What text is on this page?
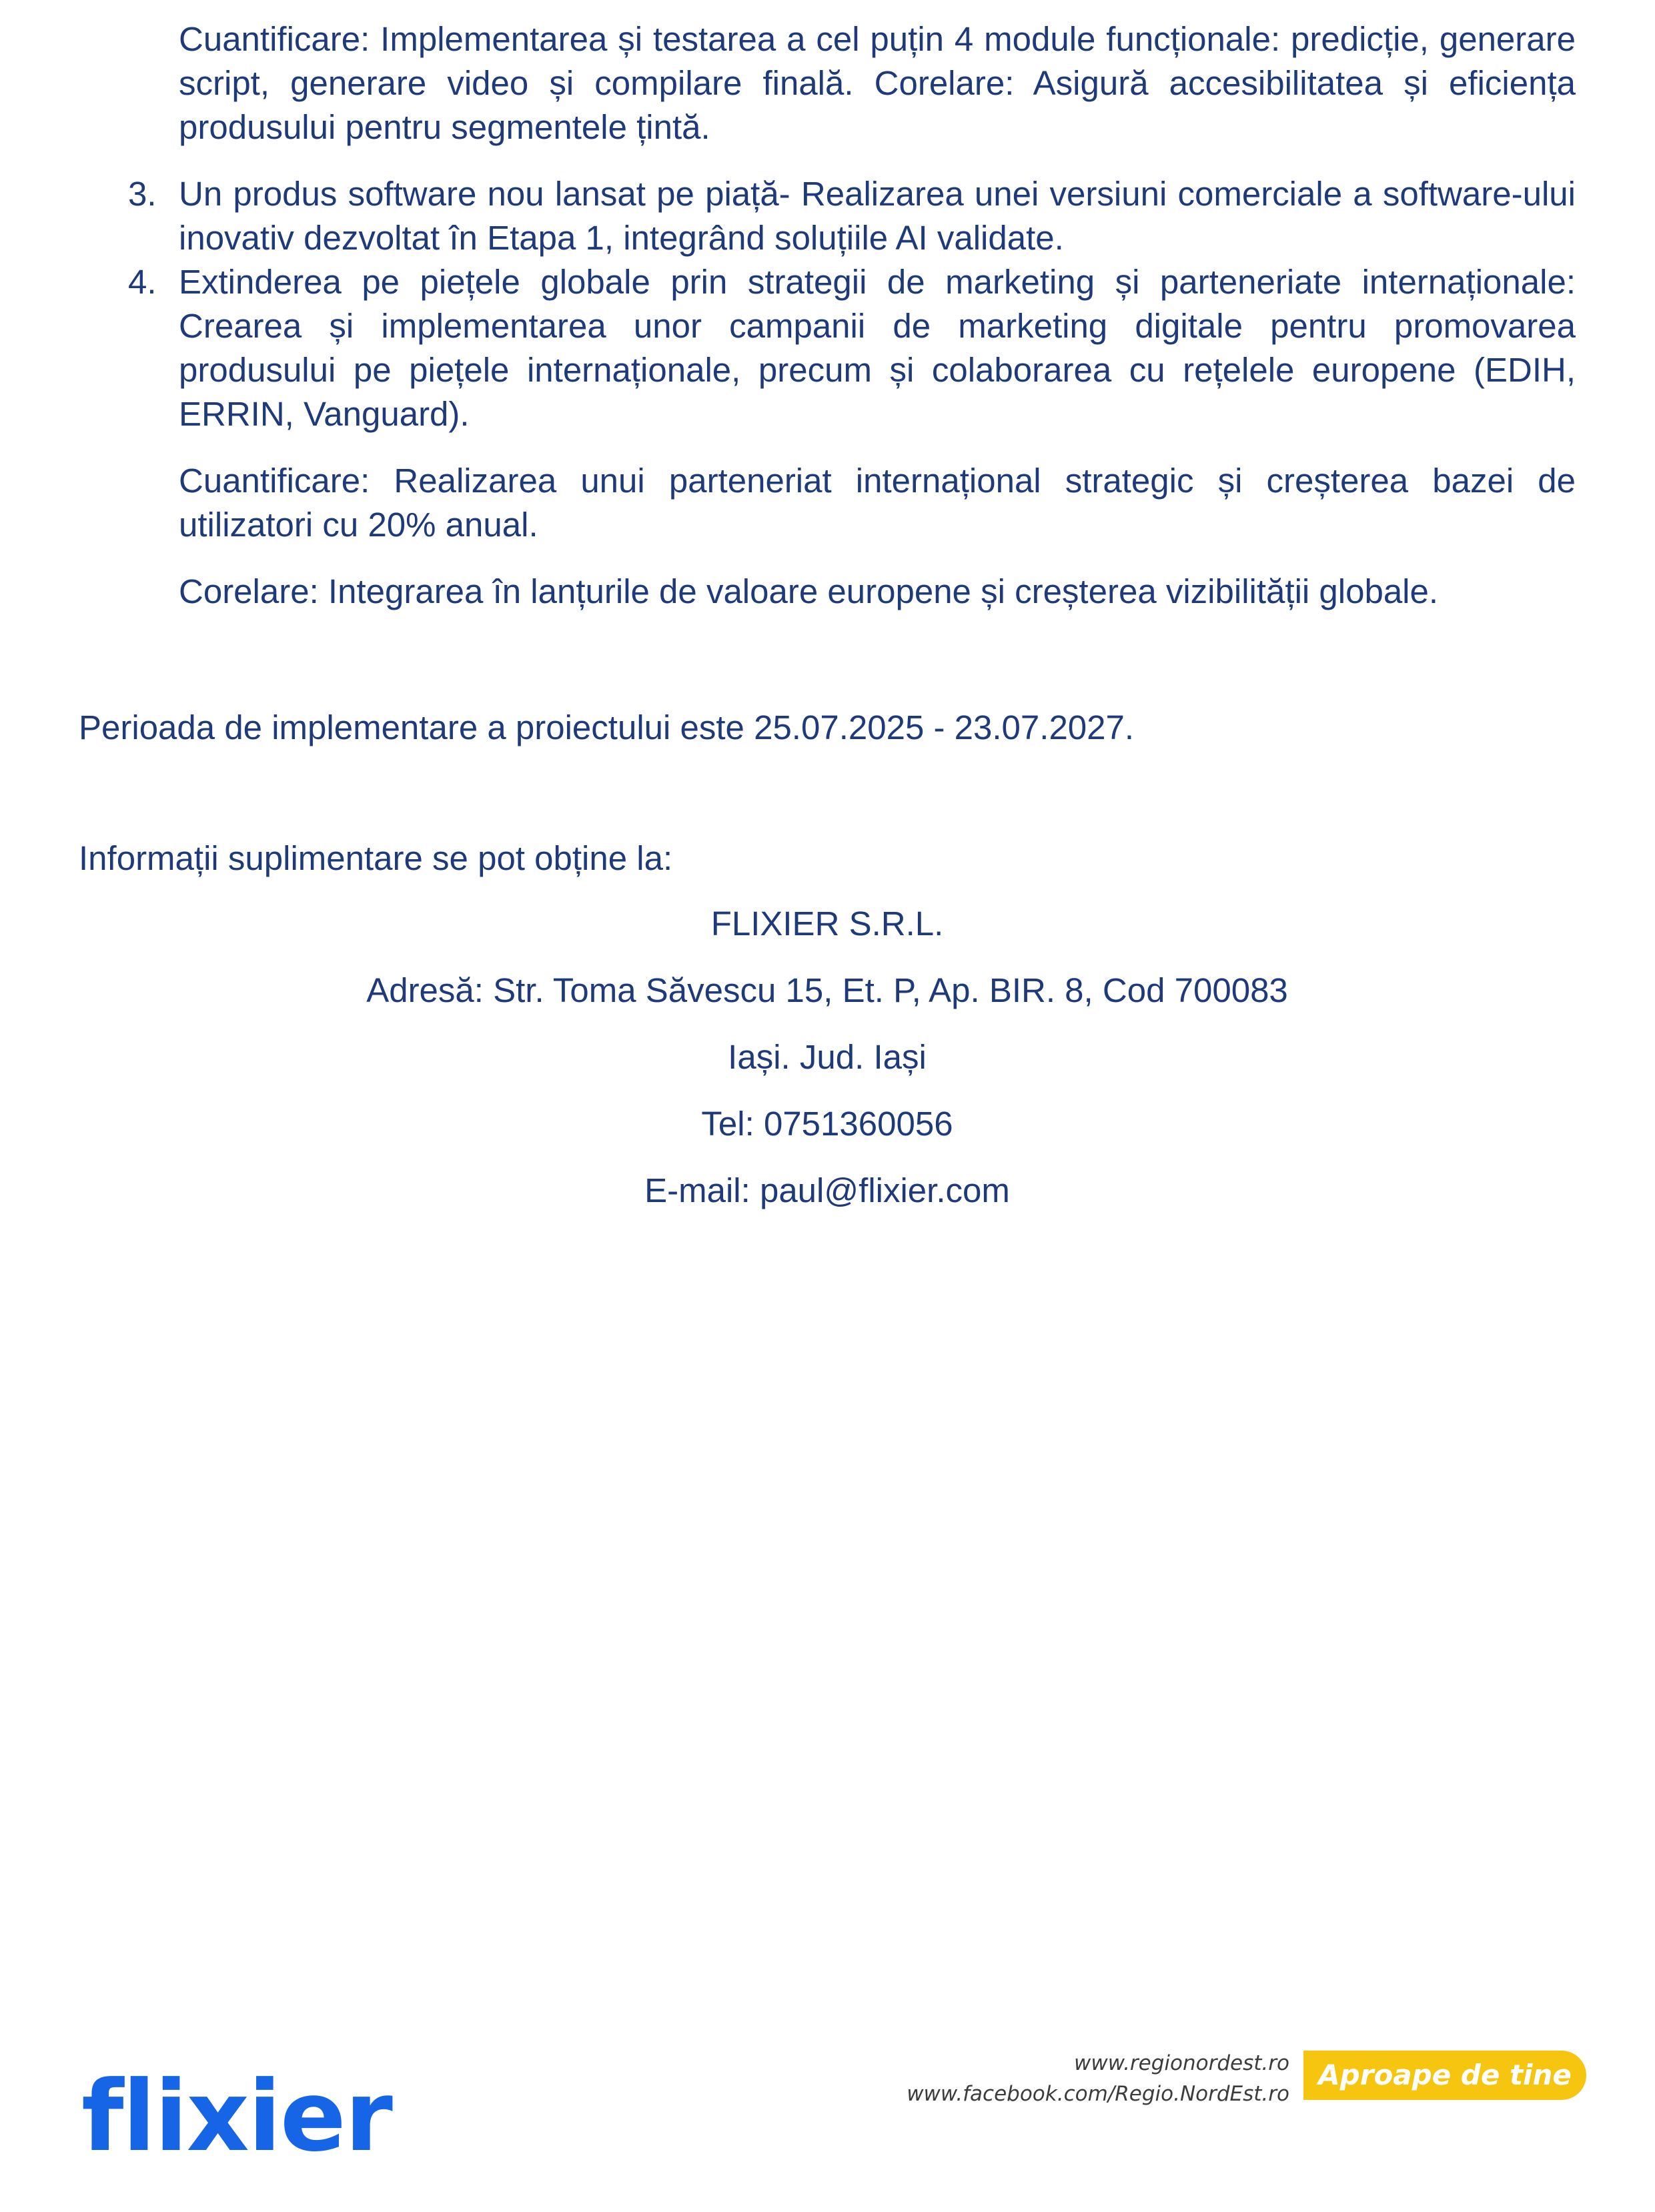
Cuantificare: Implementarea și testarea a cel puțin 4 module funcționale: predicție, generare script, generare video și compilare finală. Corelare: Asigură accesibilitatea și eficiența produsului pentru segmentele țintă.

3. Un produs software nou lansat pe piață- Realizarea unei versiuni comerciale a software-ului inovativ dezvoltat în Etapa 1, integrând soluțiile AI validate.
4. Extinderea pe piețele globale prin strategii de marketing și parteneriate internaționale: Crearea și implementarea unor campanii de marketing digitale pentru promovarea produsului pe piețele internaționale, precum și colaborarea cu rețelele europene (EDIH, ERRIN, Vanguard).

Cuantificare: Realizarea unui parteneriat internațional strategic și creșterea bazei de utilizatori cu 20% anual.

Corelare: Integrarea în lanțurile de valoare europene și creșterea vizibilității globale.

Perioada de implementare a proiectului este 25.07.2025 - 23.07.2027.

Informații suplimentare se pot obține la:

FLIXIER S.R.L.

Adresă: Str. Toma Săvescu 15, Et. P, Ap. BIR. 8, Cod 700083

Iași. Jud. Iași

Tel: 0751360056

E-mail: paul@flixier.com

flixier	www.regionordest.ro
www.facebook.com/Regio.NordEst.ro
Aproape de tine
